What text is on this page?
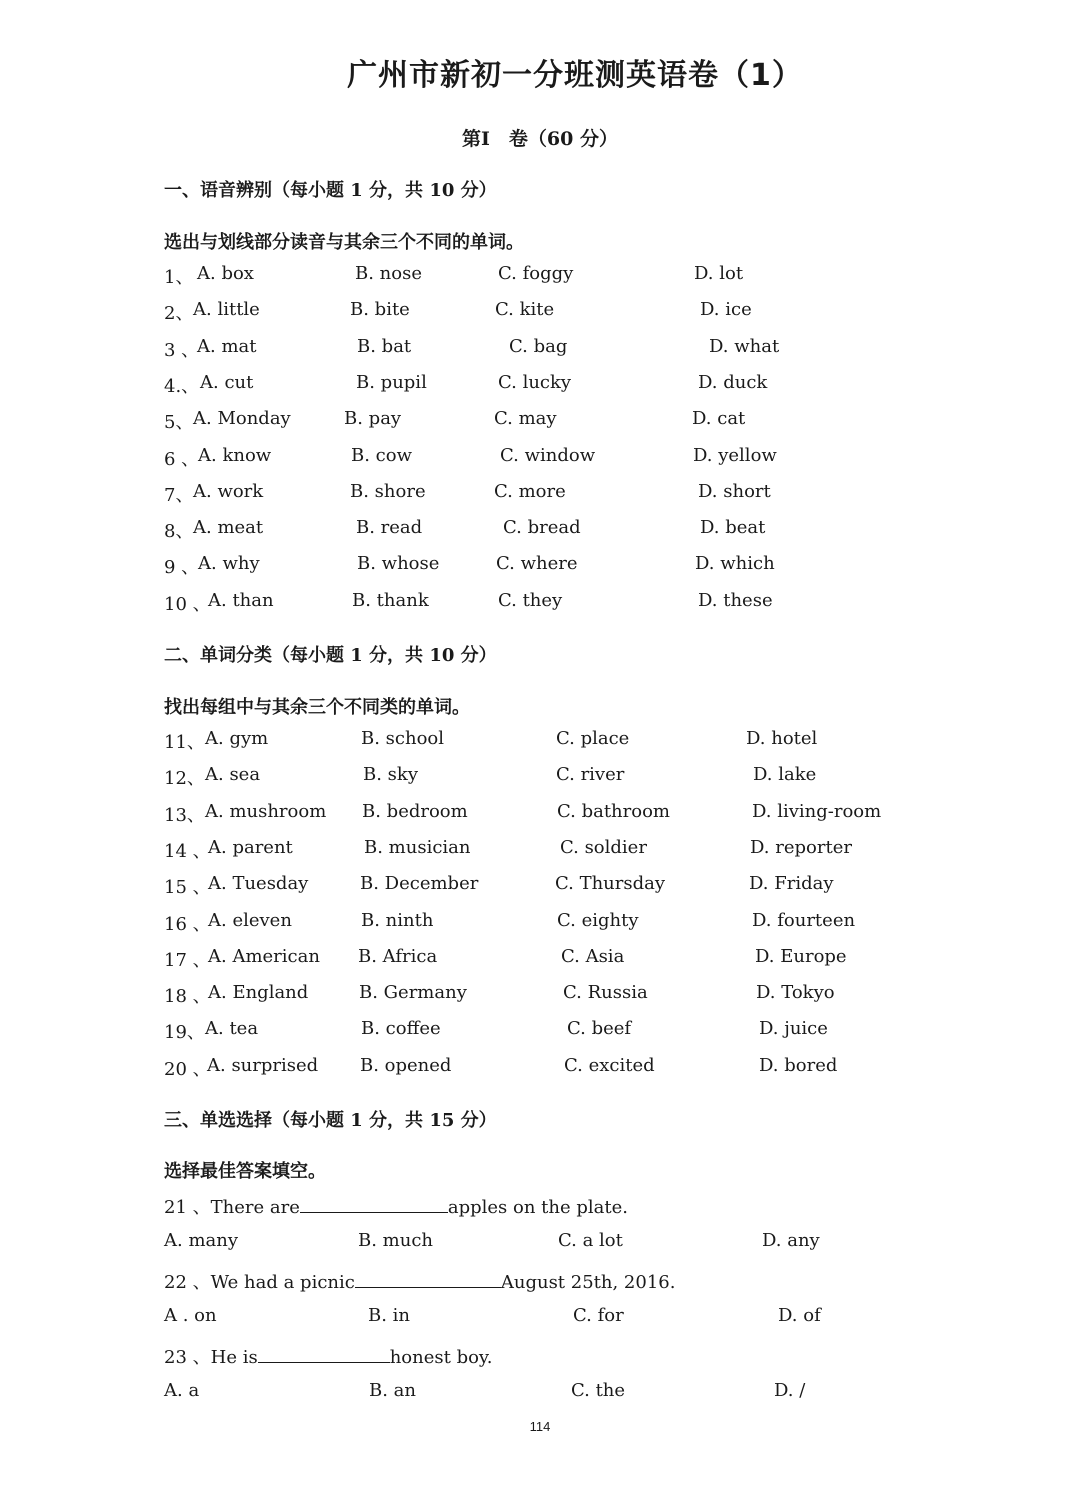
广州市新初一分班测英语卷（1）
第I　卷（60 分）
一、语音辨别（每小题 1 分，共 10 分）
选出与划线部分读音与其余三个不同的单词。
1、 A. box	B. nose	C. foggy	D. lot
2、 A. little	B. bite	C. kite	D. ice
3 、
A. mat	B. bat	C. bag	D. what
4.、 A. cut	B. pupil	C. lucky	D. duck
5、 A. Monday	B. pay	C. may	D. cat
6 、
A. know	B. cow	C. window	D. yellow
7、 A. work	B. shore	C. more	D. short
8、 A. meat	B. read	C. bread	D. beat
9 、
A. why	B. whose	C. where	D. which
10 、
A. than	B. thank	C. they	D. these
二、单词分类（每小题 1 分，共 10 分）
找出每组中与其余三个不同类的单词。
11、 A. gym	B. school	C. place	D. hotel
12、 A. sea	B. sky	C. river	D. lake
13、 A. mushroom B. bedroom	C. bathroom	D. living-room
14 、
A. parent	B. musician	C. soldier	D. reporter
15 、
A. Tuesday	B. December	C. Thursday	D. Friday
16 、
A. eleven	B. ninth	C. eighty	D. fourteen
17 、
A. American B. Africa	C. Asia	D. Europe
18 、
A. England	B. Germany	C. Russia	D. Tokyo
19、 A. tea	B. coffee	C. beef	D. juice
20 、
A. surprised B. opened	C. excited	D. bored
三、单选选择（每小题 1 分，共 15 分）
选择最佳答案填空。
21 、There are	apples on the plate.
A. many	B. much	C. a lot	D. any
22 、We had a picnic	August 25th, 2016.
A . on	B. in	C. for	D. of
23 、He is	honest boy.
A. a	B. an	C. the	D. /
114
